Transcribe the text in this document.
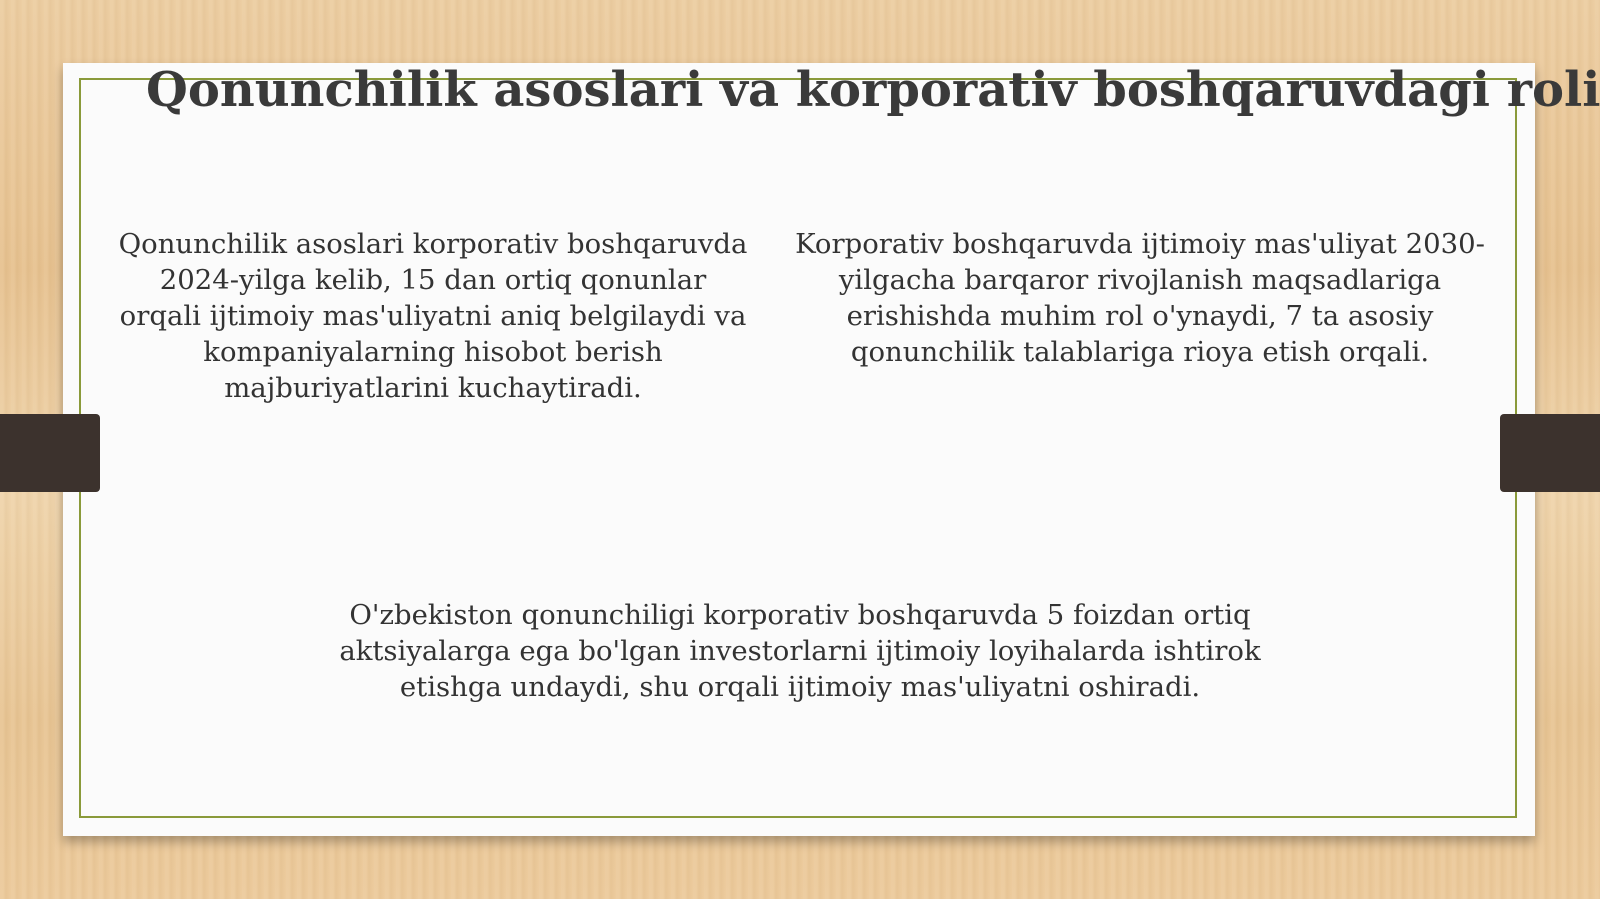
Qonunchilik asoslari va korporativ boshqaruvdagi roli

Qonunchilik asoslari korporativ boshqaruvda 2024-yilga kelib, 15 dan ortiq qonunlar orqali ijtimoiy mas'uliyatni aniq belgilaydi va kompaniyalarning hisobot berish majburiyatlarini kuchaytiradi.

Korporativ boshqaruvda ijtimoiy mas'uliyat 2030-yilgacha barqaror rivojlanish maqsadlariga erishishda muhim rol o'ynaydi, 7 ta asosiy qonunchilik talablariga rioya etish orqali.

O'zbekiston qonunchiligi korporativ boshqaruvda 5 foizdan ortiq aktsiyalarga ega bo'lgan investorlarni ijtimoiy loyihalarda ishtirok etishga undaydi, shu orqali ijtimoiy mas'uliyatni oshiradi.
